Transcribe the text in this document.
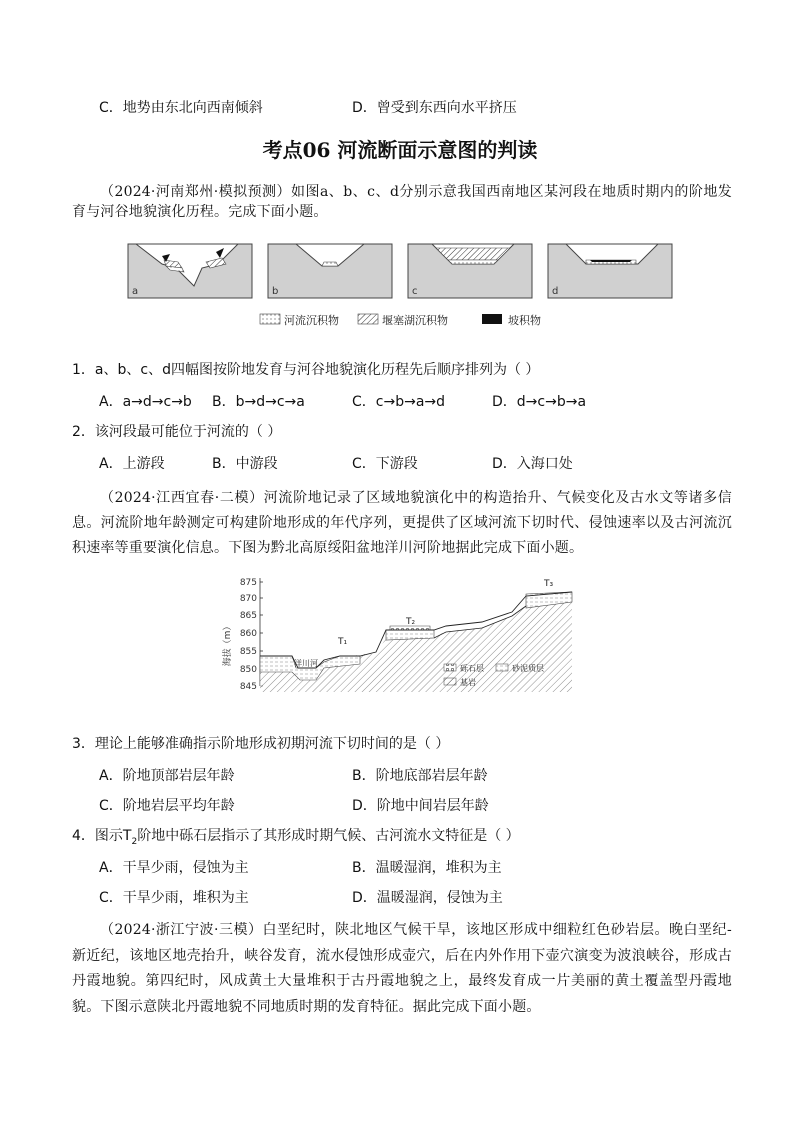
C．地势由东北向西南倾斜	D．曾受到东西向水平挤压
考点06 河流断面示意图的判读
（2024·河南郑州·模拟预测）如图a、b、c、d分别示意我国西南地区某河段在地质时期内的阶地发育与河谷地貌演化历程。完成下面小题。
a	b	c	d
河流沉积物	堰塞湖沉积物	坡积物
1．a、b、c、d四幅图按阶地发育与河谷地貌演化历程先后顺序排列为（ ）
A．a→d→c→b B．b→d→c→a	C．c→b→a→d	D．d→c→b→a
2．该河段最可能位于河流的（ ）
A．上游段	B．中游段	C．下游段	D．入海口处
（2024·江西宜春·二模）河流阶地记录了区域地貌演化中的构造抬升、气候变化及古水文等诸多信息。河流阶地年龄测定可构建阶地形成的年代序列，更提供了区域河流下切时代、侵蚀速率以及古河流沉积速率等重要演化信息。下图为黔北高原绥阳盆地洋川河阶地据此完成下面小题。
875
870
865
860
855
850
845
海拔（m）	T₁
T₂
T₃
洋川河
砾石层	砂泥质层
基岩
3．理论上能够准确指示阶地形成初期河流下切时间的是（ ）
A．阶地顶部岩层年龄	B．阶地底部岩层年龄
C．阶地岩层平均年龄	D．阶地中间岩层年龄
4．图示$T_2$阶地中砾石层指示了其形成时期气候、古河流水文特征是（ ）
A．干旱少雨，侵蚀为主	B．温暖湿润，堆积为主
C．干旱少雨，堆积为主	D．温暖湿润，侵蚀为主
（2024·浙江宁波·三模）白垩纪时，陕北地区气候干旱，该地区形成中细粒红色砂岩层。晚白垩纪-新近纪，该地区地壳抬升，峡谷发育，流水侵蚀形成壶穴，后在内外作用下壶穴演变为波浪峡谷，形成古丹霞地貌。第四纪时，风成黄土大量堆积于古丹霞地貌之上，最终发育成一片美丽的黄土覆盖型丹霞地貌。下图示意陕北丹霞地貌不同地质时期的发育特征。据此完成下面小题。
